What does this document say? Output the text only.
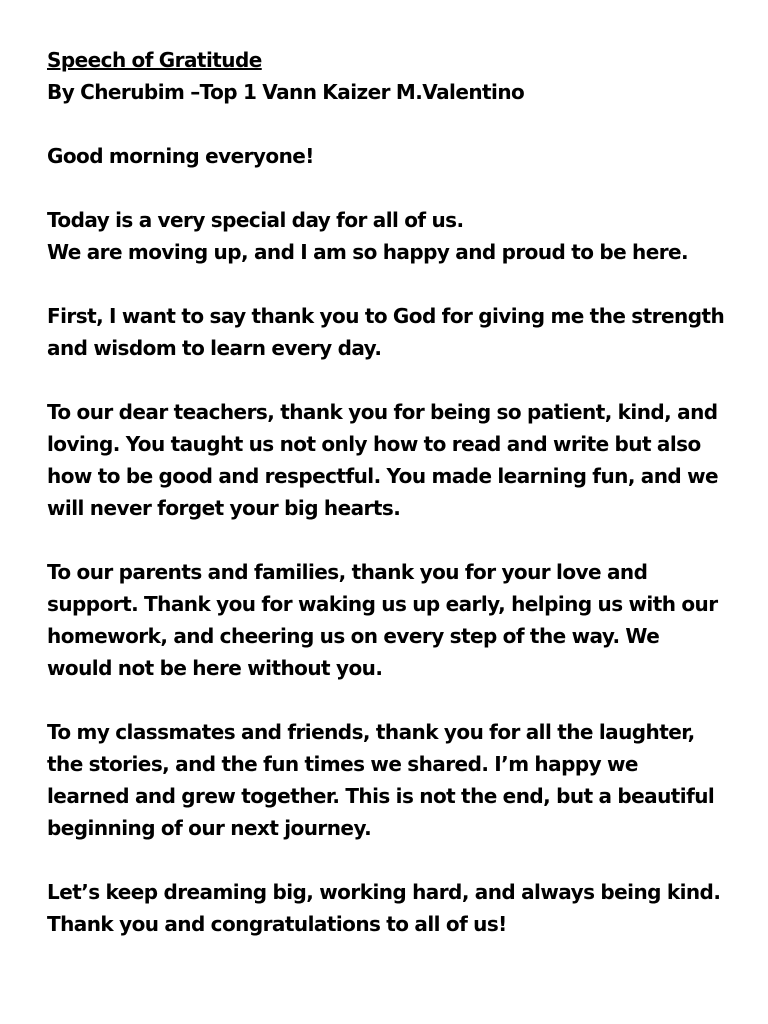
Speech of Gratitude
By Cherubim –Top 1 Vann Kaizer M.Valentino
Good morning everyone!
Today is a very special day for all of us.
We are moving up, and I am so happy and proud to be here.
First, I want to say thank you to God for giving me the strength
and wisdom to learn every day.
To our dear teachers, thank you for being so patient, kind, and
loving. You taught us not only how to read and write but also
how to be good and respectful. You made learning fun, and we
will never forget your big hearts.
To our parents and families, thank you for your love and
support. Thank you for waking us up early, helping us with our
homework, and cheering us on every step of the way. We
would not be here without you.
To my classmates and friends, thank you for all the laughter,
the stories, and the fun times we shared. I’m happy we
learned and grew together. This is not the end, but a beautiful
beginning of our next journey.
Let’s keep dreaming big, working hard, and always being kind.
Thank you and congratulations to all of us!
